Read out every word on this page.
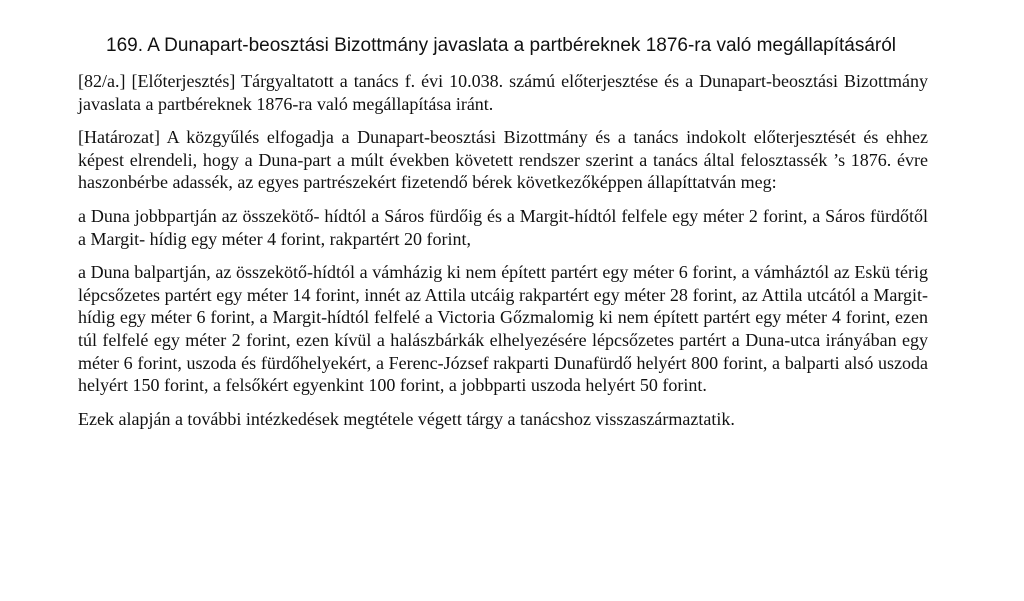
169. A Dunapart-beosztási Bizottmány javaslata a partbéreknek 1876-ra való megállapításáról

[82/a.] [Előterjesztés] Tárgyaltatott a tanács f. évi 10.038. számú előterjesztése és a Dunapart-beosztási Bizottmány javaslata a partbéreknek 1876-ra való megállapítása iránt.

[Határozat] A közgyűlés elfogadja a Dunapart-beosztási Bizottmány és a tanács indokolt előterjesztését és ehhez képest elrendeli, hogy a Duna-part a múlt években követett rendszer szerint a tanács által felosztassék ’s 1876. évre haszonbérbe adassék, az egyes partrészekért fizetendő bérek következőképpen állapíttatván meg:

a Duna jobbpartján az összekötő- hídtól a Sáros fürdőig és a Margit-hídtól felfele egy méter 2 forint, a Sáros fürdőtől a Margit- hídig egy méter 4 forint, rakpartért 20 forint,

a Duna balpartján, az összekötő-hídtól a vámházig ki nem épített partért egy méter 6 forint, a vámháztól az Eskü térig lépcsőzetes partért egy méter 14 forint, innét az Attila utcáig rakpartért egy méter 28 forint, az Attila utcától a Margit-hídig egy méter 6 forint, a Margit-hídtól felfelé a Victoria Gőzmalomig ki nem épített partért egy méter 4 forint, ezen túl felfelé egy méter 2 forint, ezen kívül a halászbárkák elhelyezésére lépcsőzetes partért a Duna-utca irányában egy méter 6 forint, uszoda és fürdőhelyekért, a Ferenc-József rakparti Dunafürdő helyért 800 forint, a balparti alsó uszoda helyért 150 forint, a felsőkért egyenkint 100 forint, a jobbparti uszoda helyért 50 forint.

Ezek alapján a további intézkedések megtétele végett tárgy a tanácshoz visszaszármaztatik.
